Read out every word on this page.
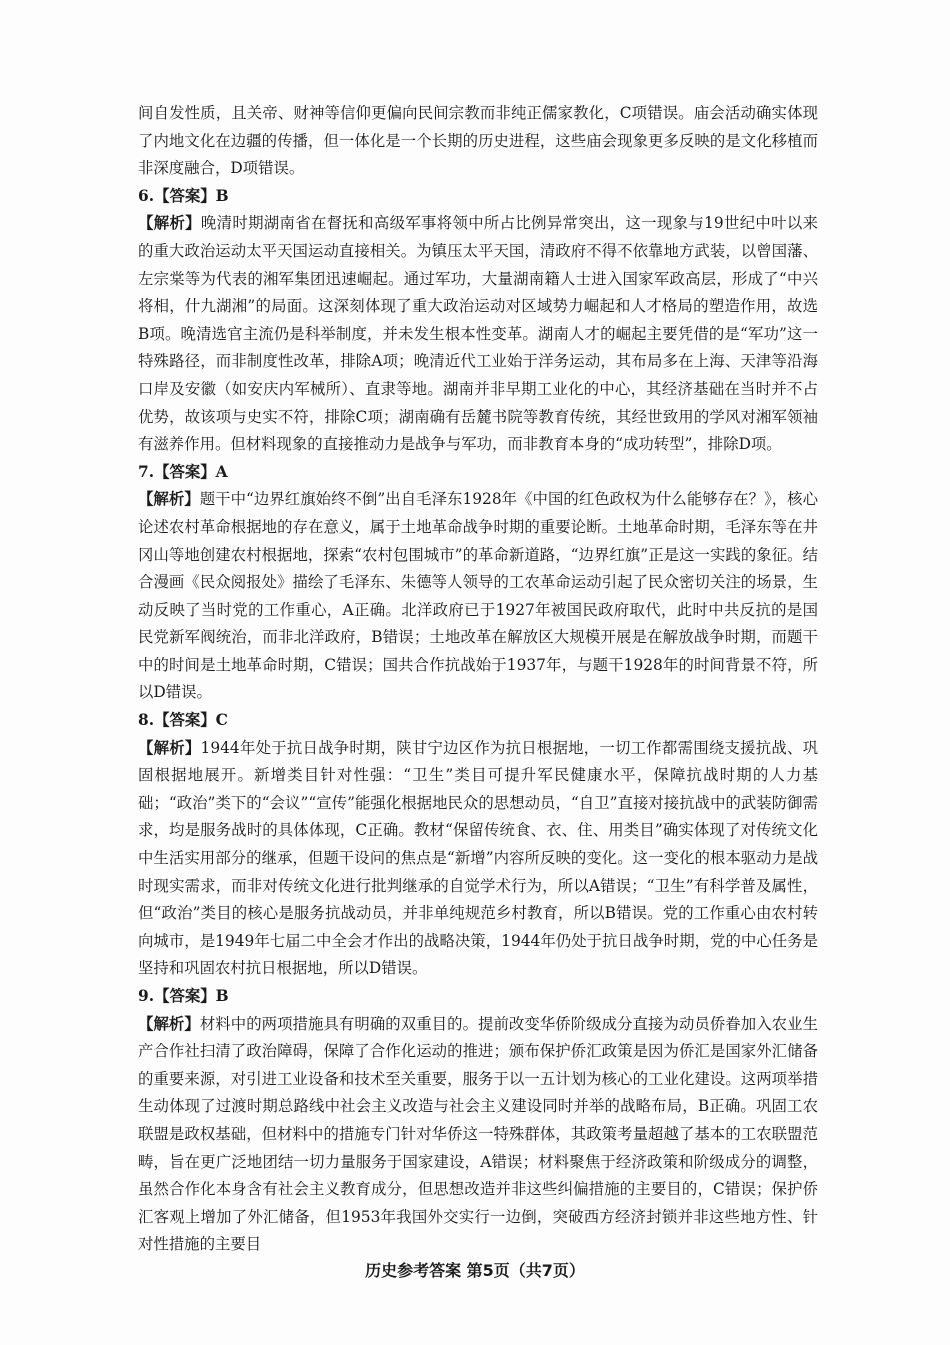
间自发性质，且关帝、财神等信仰更偏向民间宗教而非纯正儒家教化，C项错误。庙会活动确实体现了内地文化在边疆的传播，但一体化是一个长期的历史进程，这些庙会现象更多反映的是文化移植而非深度融合，D项错误。

6.【答案】B

【解析】晚清时期湖南省在督抚和高级军事将领中所占比例异常突出，这一现象与19世纪中叶以来的重大政治运动太平天国运动直接相关。为镇压太平天国，清政府不得不依靠地方武装，以曾国藩、左宗棠等为代表的湘军集团迅速崛起。通过军功，大量湖南籍人士进入国家军政高层，形成了“中兴将相，什九湖湘”的局面。这深刻体现了重大政治运动对区域势力崛起和人才格局的塑造作用，故选B项。晚清选官主流仍是科举制度，并未发生根本性变革。湖南人才的崛起主要凭借的是“军功”这一特殊路径，而非制度性改革，排除A项；晚清近代工业始于洋务运动，其布局多在上海、天津等沿海口岸及安徽（如安庆内军械所）、直隶等地。湖南并非早期工业化的中心，其经济基础在当时并不占优势，故该项与史实不符，排除C项；湖南确有岳麓书院等教育传统，其经世致用的学风对湘军领袖有滋养作用。但材料现象的直接推动力是战争与军功，而非教育本身的“成功转型”，排除D项。

7.【答案】A

【解析】题干中“边界红旗始终不倒”出自毛泽东1928年《中国的红色政权为什么能够存在？》，核心论述农村革命根据地的存在意义，属于土地革命战争时期的重要论断。土地革命时期，毛泽东等在井冈山等地创建农村根据地，探索“农村包围城市”的革命新道路，“边界红旗”正是这一实践的象征。结合漫画《民众阅报处》描绘了毛泽东、朱德等人领导的工农革命运动引起了民众密切关注的场景，生动反映了当时党的工作重心，A正确。北洋政府已于1927年被国民政府取代，此时中共反抗的是国民党新军阀统治，而非北洋政府，B错误；土地改革在解放区大规模开展是在解放战争时期，而题干中的时间是土地革命时期，C错误；国共合作抗战始于1937年，与题干1928年的时间背景不符，所以D错误。

8.【答案】C

【解析】1944年处于抗日战争时期，陕甘宁边区作为抗日根据地，一切工作都需围绕支援抗战、巩固根据地展开。新增类目针对性强：“卫生”类目可提升军民健康水平，保障抗战时期的人力基础；“政治”类下的“会议”“宣传”能强化根据地民众的思想动员，“自卫”直接对接抗战中的武装防御需求，均是服务战时的具体体现，C正确。教材“保留传统食、衣、住、用类目”确实体现了对传统文化中生活实用部分的继承，但题干设问的焦点是“新增”内容所反映的变化。这一变化的根本驱动力是战时现实需求，而非对传统文化进行批判继承的自觉学术行为，所以A错误；“卫生”有科学普及属性，但“政治”类目的核心是服务抗战动员，并非单纯规范乡村教育，所以B错误。党的工作重心由农村转向城市，是1949年七届二中全会才作出的战略决策，1944年仍处于抗日战争时期，党的中心任务是坚持和巩固农村抗日根据地，所以D错误。

9.【答案】B

【解析】材料中的两项措施具有明确的双重目的。提前改变华侨阶级成分直接为动员侨眷加入农业生产合作社扫清了政治障碍，保障了合作化运动的推进；颁布保护侨汇政策是因为侨汇是国家外汇储备的重要来源，对引进工业设备和技术至关重要，服务于以一五计划为核心的工业化建设。这两项举措生动体现了过渡时期总路线中社会主义改造与社会主义建设同时并举的战略布局，B正确。巩固工农联盟是政权基础，但材料中的措施专门针对华侨这一特殊群体，其政策考量超越了基本的工农联盟范畴，旨在更广泛地团结一切力量服务于国家建设，A错误；材料聚焦于经济政策和阶级成分的调整，虽然合作化本身含有社会主义教育成分，但思想改造并非这些纠偏措施的主要目的，C错误；保护侨汇客观上增加了外汇储备，但1953年我国外交实行一边倒，突破西方经济封锁并非这些地方性、针对性措施的主要目

历史参考答案 第5页（共7页）
